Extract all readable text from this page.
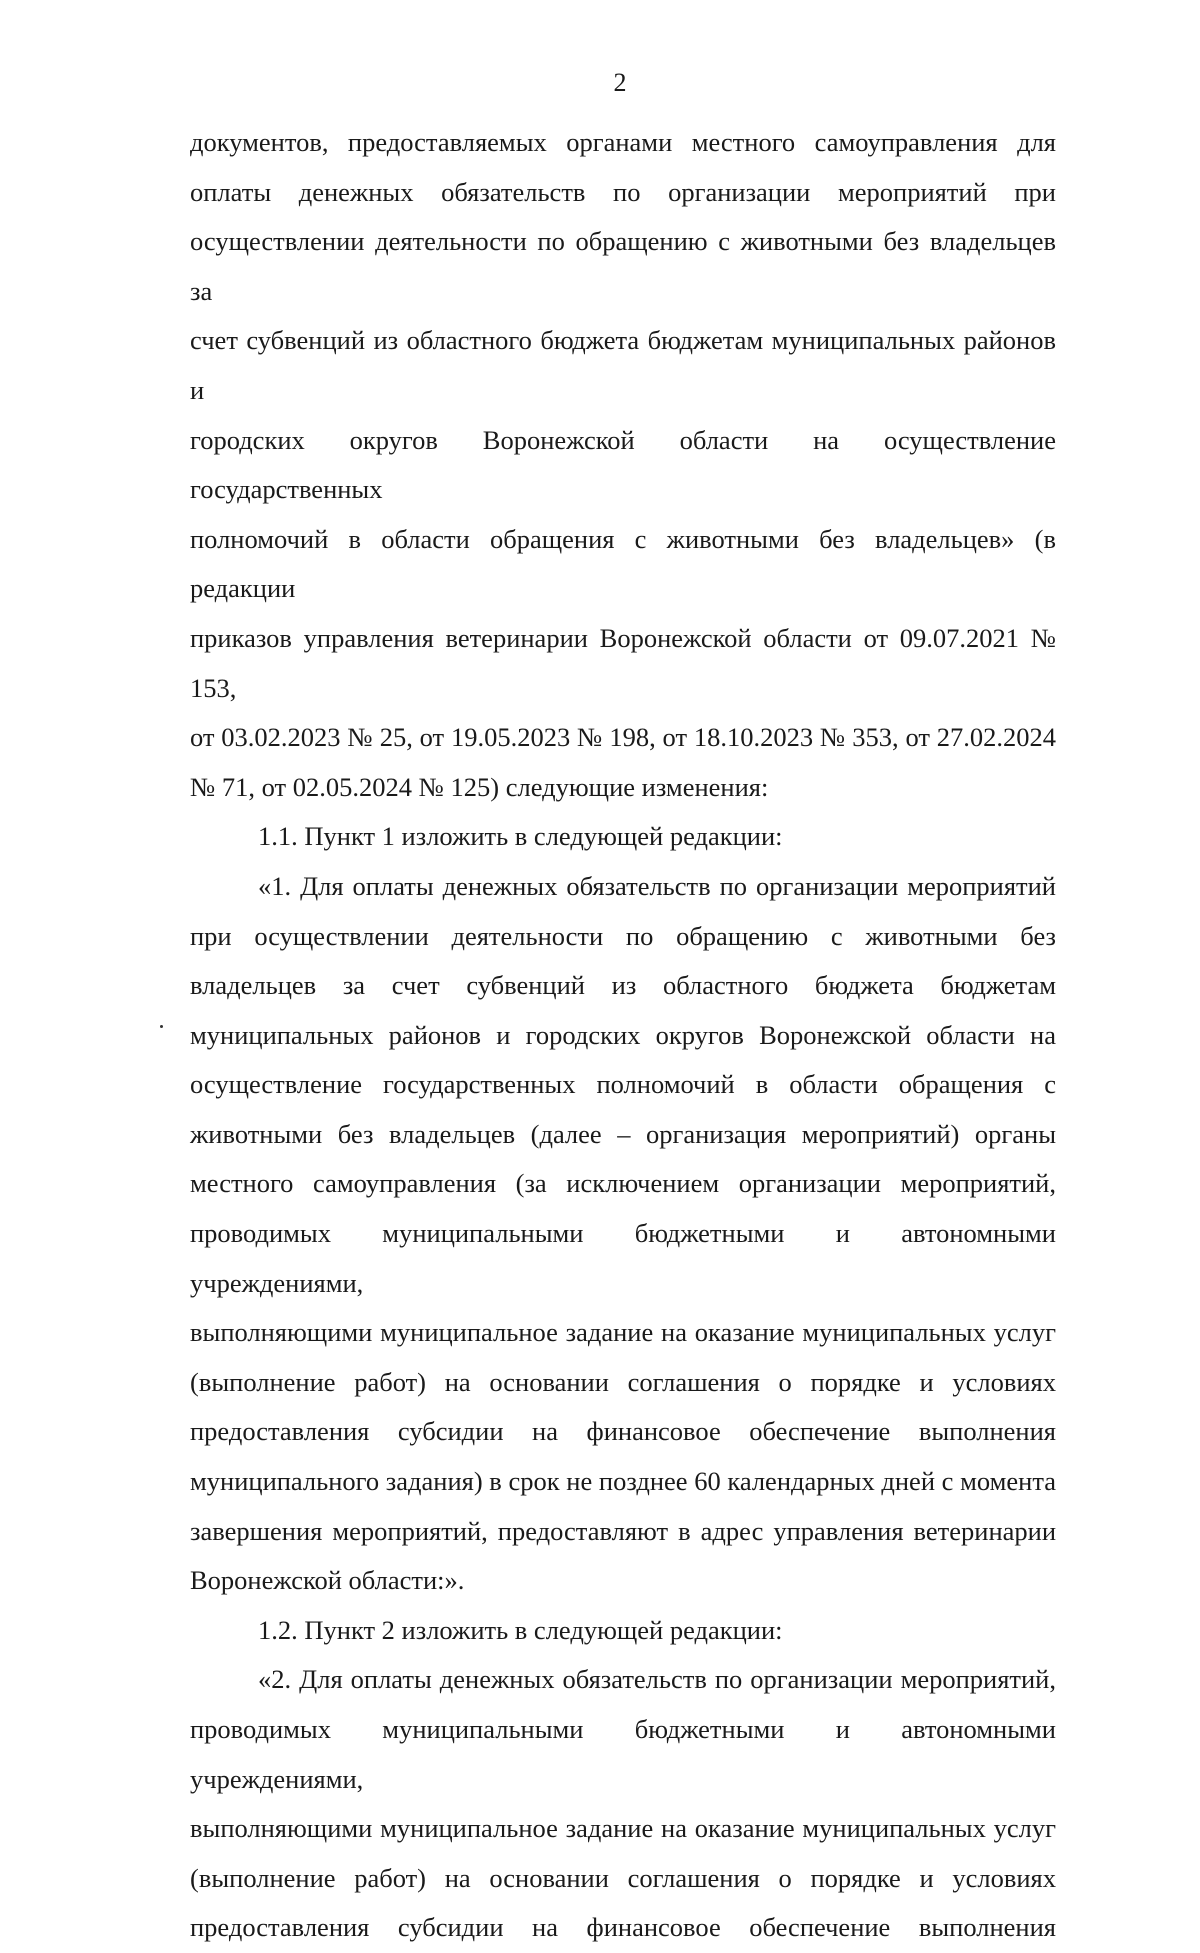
2
документов, предоставляемых органами местного самоуправления для
оплаты денежных обязательств по организации мероприятий при
осуществлении деятельности по обращению с животными без владельцев за
счет субвенций из областного бюджета бюджетам муниципальных районов и
городских округов Воронежской области на осуществление государственных
полномочий в области обращения с животными без владельцев» (в редакции
приказов управления ветеринарии Воронежской области от 09.07.2021 № 153,
от 03.02.2023 № 25, от 19.05.2023 № 198, от 18.10.2023 № 353, от 27.02.2024
№ 71, от 02.05.2024 № 125) следующие изменения:
1.1. Пункт 1 изложить в следующей редакции:
«1. Для оплаты денежных обязательств по организации мероприятий
при осуществлении деятельности по обращению с животными без
владельцев за счет субвенций из областного бюджета бюджетам
муниципальных районов и городских округов Воронежской области на
осуществление государственных полномочий в области обращения с
животными без владельцев (далее – организация мероприятий) органы
местного самоуправления (за исключением организации мероприятий,
проводимых муниципальными бюджетными и автономными учреждениями,
выполняющими муниципальное задание на оказание муниципальных услуг
(выполнение работ) на основании соглашения о порядке и условиях
предоставления субсидии на финансовое обеспечение выполнения
муниципального задания) в срок не позднее 60 календарных дней с момента
завершения мероприятий, предоставляют в адрес управления ветеринарии
Воронежской области:».
1.2. Пункт 2 изложить в следующей редакции:
«2. Для оплаты денежных обязательств по организации мероприятий,
проводимых муниципальными бюджетными и автономными учреждениями,
выполняющими муниципальное задание на оказание муниципальных услуг
(выполнение работ) на основании соглашения о порядке и условиях
предоставления субсидии на финансовое обеспечение выполнения
